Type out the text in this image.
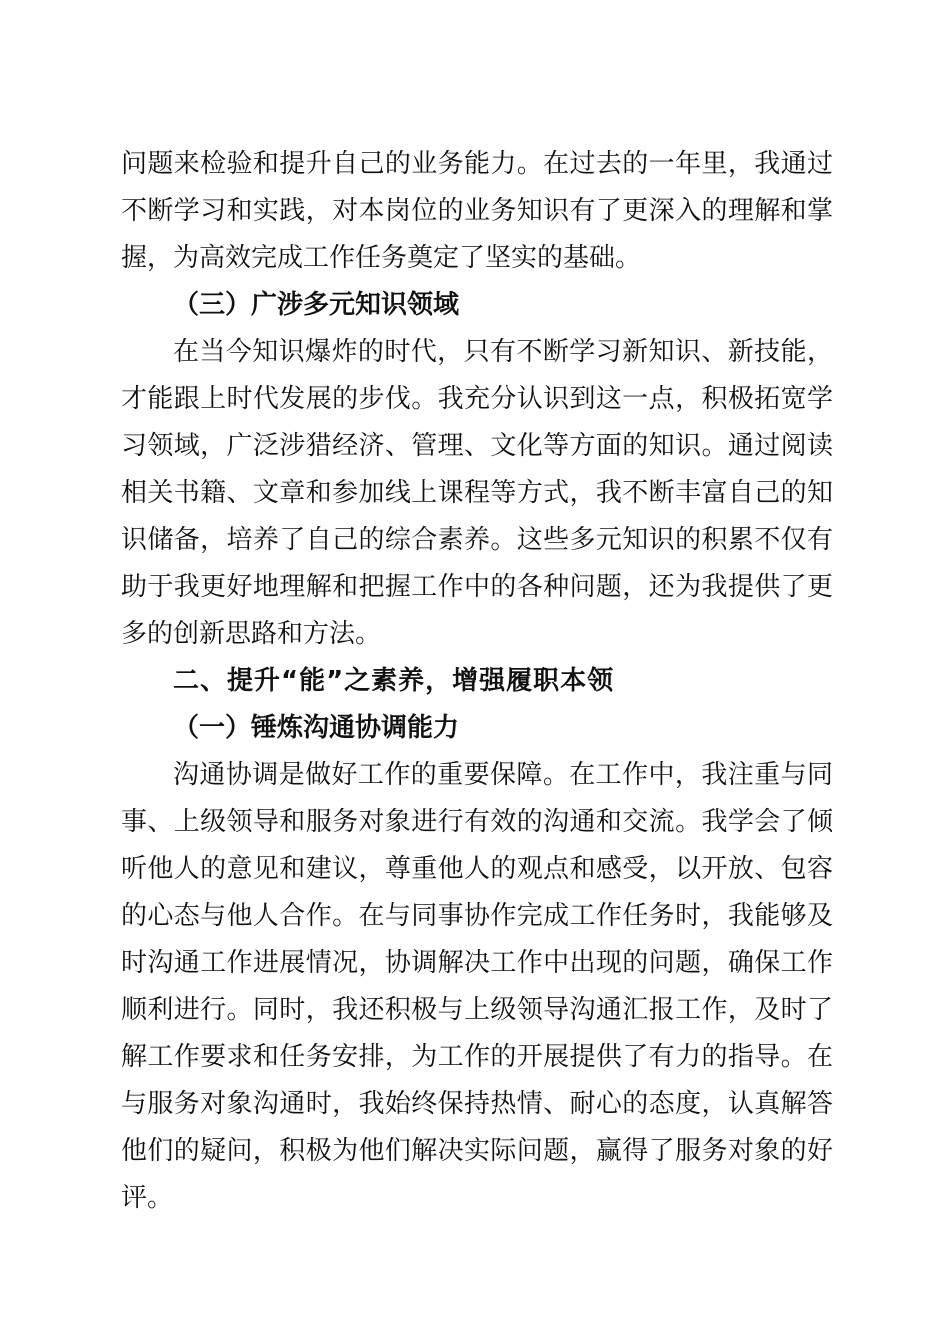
问题来检验和提升自己的业务能力。在过去的一年里，我通过
不断学习和实践，对本岗位的业务知识有了更深入的理解和掌
握，为高效完成工作任务奠定了坚实的基础。
（三）广涉多元知识领域
在当今知识爆炸的时代，只有不断学习新知识、新技能，
才能跟上时代发展的步伐。我充分认识到这一点，积极拓宽学
习领域，广泛涉猎经济、管理、文化等方面的知识。通过阅读
相关书籍、文章和参加线上课程等方式，我不断丰富自己的知
识储备，培养了自己的综合素养。这些多元知识的积累不仅有
助于我更好地理解和把握工作中的各种问题，还为我提供了更
多的创新思路和方法。
二、提升“能”之素养，增强履职本领
（一）锤炼沟通协调能力
沟通协调是做好工作的重要保障。在工作中，我注重与同
事、上级领导和服务对象进行有效的沟通和交流。我学会了倾
听他人的意见和建议，尊重他人的观点和感受，以开放、包容
的心态与他人合作。在与同事协作完成工作任务时，我能够及
时沟通工作进展情况，协调解决工作中出现的问题，确保工作
顺利进行。同时，我还积极与上级领导沟通汇报工作，及时了
解工作要求和任务安排，为工作的开展提供了有力的指导。在
与服务对象沟通时，我始终保持热情、耐心的态度，认真解答
他们的疑问，积极为他们解决实际问题，赢得了服务对象的好
评。
